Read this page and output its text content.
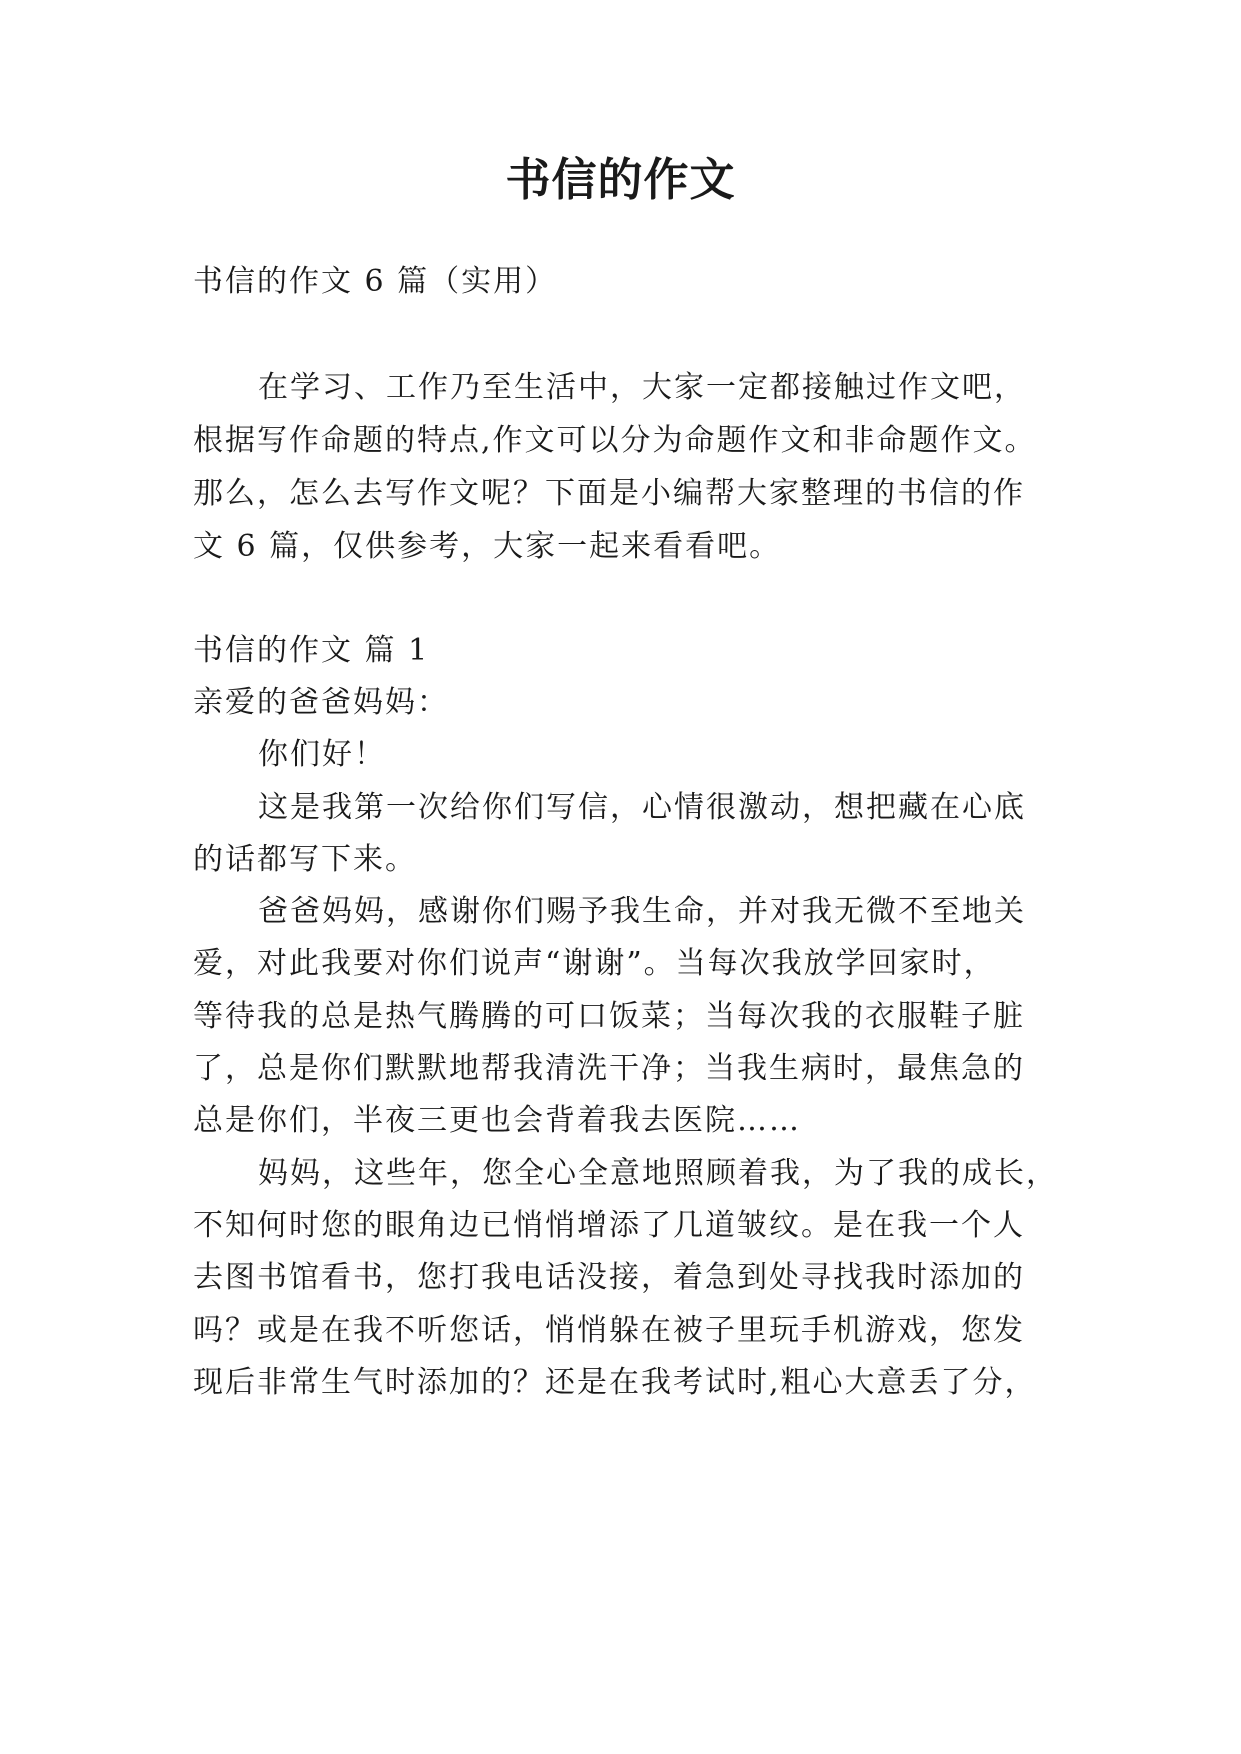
书信的作文

书信的作文 6 篇（实用）

在学习、工作乃至生活中，大家一定都接触过作文吧，

根据写作命题的特点,作文可以分为命题作文和非命题作文。

那么，怎么去写作文呢？下面是小编帮大家整理的书信的作

文 6 篇，仅供参考，大家一起来看看吧。

书信的作文 篇 1

亲爱的爸爸妈妈：

你们好！

这是我第一次给你们写信，心情很激动，想把藏在心底

的话都写下来。

爸爸妈妈，感谢你们赐予我生命，并对我无微不至地关

爱，对此我要对你们说声“谢谢”。当每次我放学回家时，

等待我的总是热气腾腾的可口饭菜；当每次我的衣服鞋子脏

了，总是你们默默地帮我清洗干净；当我生病时，最焦急的

总是你们，半夜三更也会背着我去医院……

妈妈，这些年，您全心全意地照顾着我，为了我的成长，

不知何时您的眼角边已悄悄增添了几道皱纹。是在我一个人

去图书馆看书，您打我电话没接，着急到处寻找我时添加的

吗？或是在我不听您话，悄悄躲在被子里玩手机游戏，您发

现后非常生气时添加的？还是在我考试时,粗心大意丢了分，
